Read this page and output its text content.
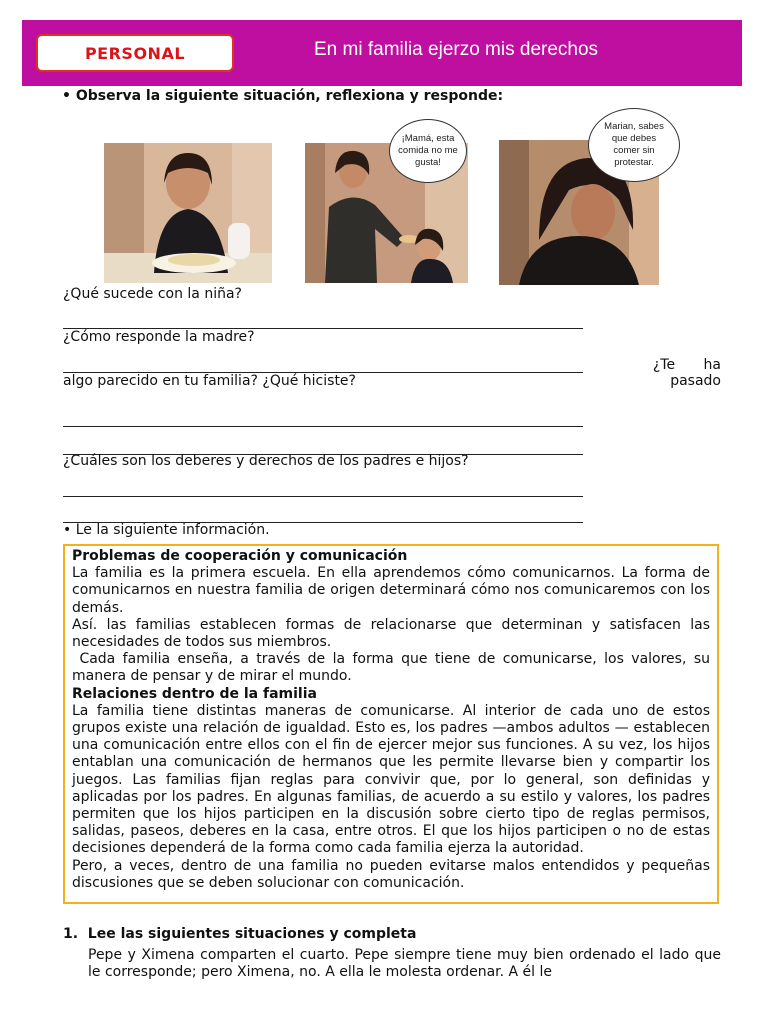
PERSONAL	En mi familia ejerzo mis derechos
• Observa la siguiente situación, reflexiona y responde:
¡Mamá, esta comida no me gusta!
Marian, sabes que debes comer sin protestar.
¿Qué sucede con la niña?
¿Cómo responde la madre?
¿Te ha pasado
algo parecido en tu familia? ¿Qué hiciste?
¿Cuáles son los deberes y derechos de los padres e hijos?
• Le la siguiente información.

Problemas de cooperación y comunicación

La familia es la primera escuela. En ella aprendemos cómo comunicarnos. La forma de comunicarnos en nuestra familia de origen determinará cómo nos comunicaremos con los demás.

Así. las familias establecen formas de relacionarse que determinan y satisfacen las necesidades de todos sus miembros.

Cada familia enseña, a través de la forma que tiene de comunicarse, los valores, su manera de pensar y de mirar el mundo.

Relaciones dentro de la familia

La familia tiene distintas maneras de comunicarse. Al interior de cada uno de estos grupos existe una relación de igualdad. Esto es, los padres —ambos adultos — establecen una comunicación entre ellos con el fin de ejercer mejor sus funciones. A su vez, los hijos entablan una comunicación de hermanos que les permite llevarse bien y compartir los juegos. Las familias fijan reglas para convivir que, por lo general, son definidas y aplicadas por los padres. En algunas familias, de acuerdo a su estilo y valores, los padres permiten que los hijos participen en la discusión sobre cierto tipo de reglas permisos, salidas, paseos, deberes en la casa, entre otros. El que los hijos participen o no de estas decisiones dependerá de la forma como cada familia ejerza la autoridad.

Pero, a veces, dentro de una familia no pueden evitarse malos entendidos y pequeñas discusiones que se deben solucionar con comunicación.

1.  Lee las siguientes situaciones y completa
Pepe y Ximena comparten el cuarto. Pepe siempre tiene muy bien ordenado el lado que le corresponde; pero Ximena, no. A ella le molesta ordenar. A él le
